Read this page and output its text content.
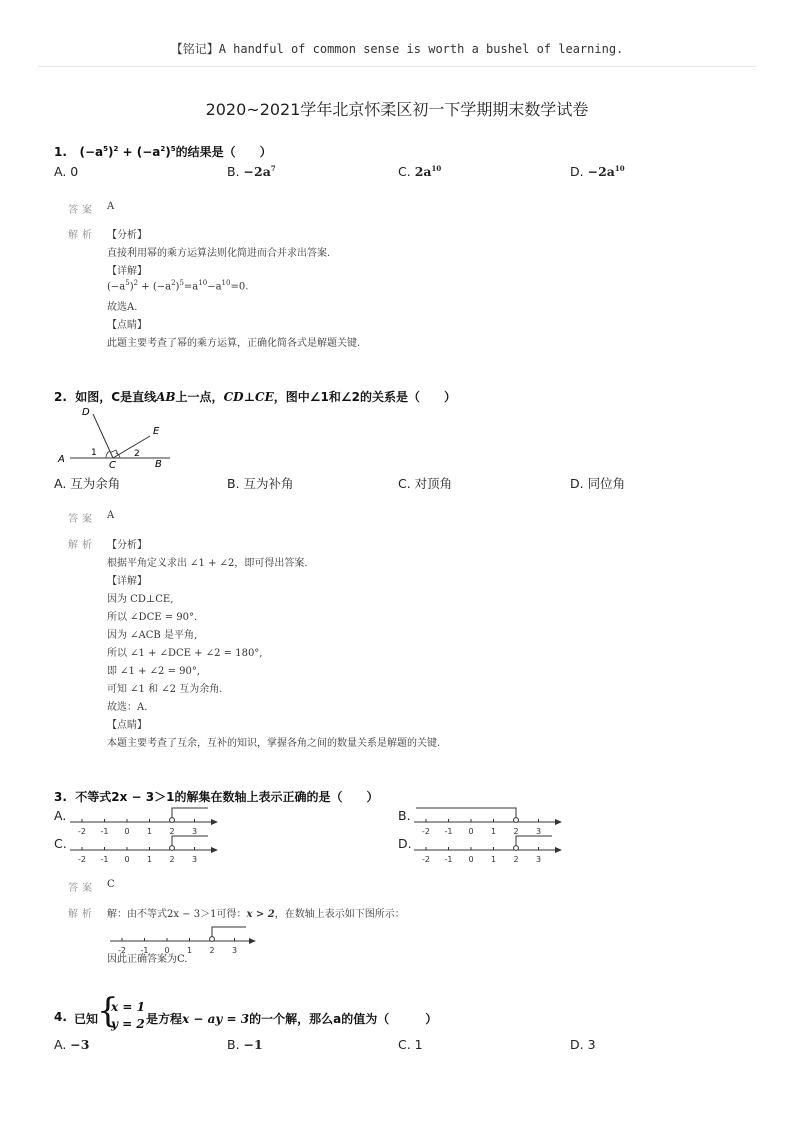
【铭记】A handful of common sense is worth a bushel of learning.
2020~2021学年北京怀柔区初一下学期期末数学试卷
1. $(-a^5)^2 + (-a^2)^5$的结果是（　　）
A. 0	B. $-2a^7$	C. $2a^{10}$	D. $-2a^{10}$
答案 A
解析 【分析】
直接利用幂的乘方运算法则化简进而合并求出答案.
【详解】
$(-a^5)^2 + (-a^2)^5=a^{10}-a^{10}=0$.
故选A.
【点睛】
此题主要考查了幂的乘方运算，正确化简各式是解题关键.
2. 如图，C是直线AB上一点，CD⊥CE，图中∠1和∠2的关系是（　　）
A	B
C
D
E
1	2
A. 互为余角	B. 互为补角	C. 对顶角	D. 同位角
答案 A
解析 【分析】
根据平角定义求出 ∠1 + ∠2，即可得出答案.
【详解】
因为 CD⊥CE,
所以 ∠DCE = 90°.
因为 ∠ACB 是平角,
所以 ∠1 + ∠DCE + ∠2 = 180°,
即 ∠1 + ∠2 = 90°,
可知 ∠1 和 ∠2 互为余角.
故选：A.
【点睛】
本题主要考查了互余，互补的知识，掌握各角之间的数量关系是解题的关键.
3. 不等式2x − 3＞1的解集在数轴上表示正确的是（　　）
A.
-2 -1 0 1 2 3
B.
-2 -1 0 1 2 3
C.
-2 -1 0 1 2 3
D.
-2 -1 0 1 2 3
答案 C
解析 解：由不等式2x − 3＞1可得：x > 2，在数轴上表示如下图所示：
-2 -1 0 1 2 3
因此正确答案为C.
4. 已知
{
x = 1
y = 2 是方程x − ay = 3的一个解，那么a的值为（　　　）
A. −3	B. −1	C. 1	D. 3
